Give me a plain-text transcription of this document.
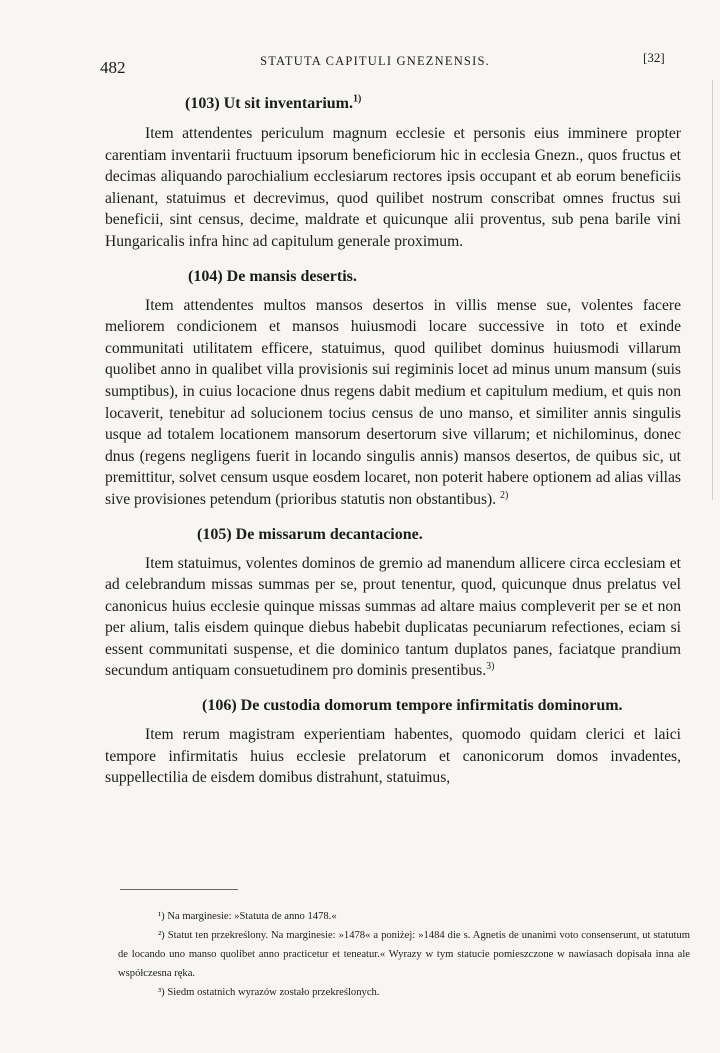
482	STATUTA CAPITULI GNEZNENSIS.	[32]
(103) Ut sit inventarium.$^{1)}$

Item attendentes periculum magnum ecclesie et personis eius imminere propter carentiam inventarii fructuum ipsorum beneficiorum hic in ecclesia Gnezn., quos fructus et decimas aliquando parochialium ecclesiarum rectores ipsis occupant et ab eorum beneficiis alienant, statuimus et decrevimus, quod quilibet nostrum conscribat omnes fructus sui beneficii, sint census, decime, maldrate et quicunque alii proventus, sub pena barile vini Hungaricalis infra hinc ad capitulum generale proximum.

(104) De mansis desertis.

Item attendentes multos mansos desertos in villis mense sue, volentes facere meliorem condicionem et mansos huiusmodi locare successive in toto et exinde communitati utilitatem efficere, statuimus, quod quilibet dominus huiusmodi villarum quolibet anno in qualibet villa provisionis sui regiminis locet ad minus unum mansum (suis sumptibus), in cuius locacione dnus regens dabit medium et capitulum medium, et quis non locaverit, tenebitur ad solucionem tocius census de uno manso, et similiter annis singulis usque ad totalem locationem mansorum desertorum sive villarum; et nichilominus, donec dnus (regens negligens fuerit in locando singulis annis) mansos desertos, de quibus sic, ut premittitur, solvet censum usque eosdem locaret, non poterit habere optionem ad alias villas sive provisiones petendum (prioribus statutis non obstantibus). $^{2)}$

(105) De missarum decantacione.

Item statuimus, volentes dominos de gremio ad manendum allicere circa ecclesiam et ad celebrandum missas summas per se, prout tenentur, quod, quicunque dnus prelatus vel canonicus huius ecclesie quinque missas summas ad altare maius compleverit per se et non per alium, talis eisdem quinque diebus habebit duplicatas pecuniarum refectiones, eciam si essent communitati suspense, et die dominico tantum duplatos panes, faciatque prandium secundum antiquam consuetudinem pro dominis presentibus.$^{3)}$

(106) De custodia domorum tempore infirmitatis dominorum.

Item rerum magistram experientiam habentes, quomodo quidam clerici et laici tempore infirmitatis huius ecclesie prelatorum et canonicorum domos invadentes, suppellectilia de eisdem domibus distrahunt, statuimus,

¹) Na marginesie: »Statuta de anno 1478.«

²) Statut ten przekreślony. Na marginesie: »1478« a poniżej: »1484 die s. Agnetis de unanimi voto consenserunt, ut statutum de locando uno manso quolibet anno practicetur et teneatur.« Wyrazy w tym statucie pomieszczone w nawiasach dopisała inna ale współczesna ręka.

³) Siedm ostatnich wyrazów zostało przekreślonych.
